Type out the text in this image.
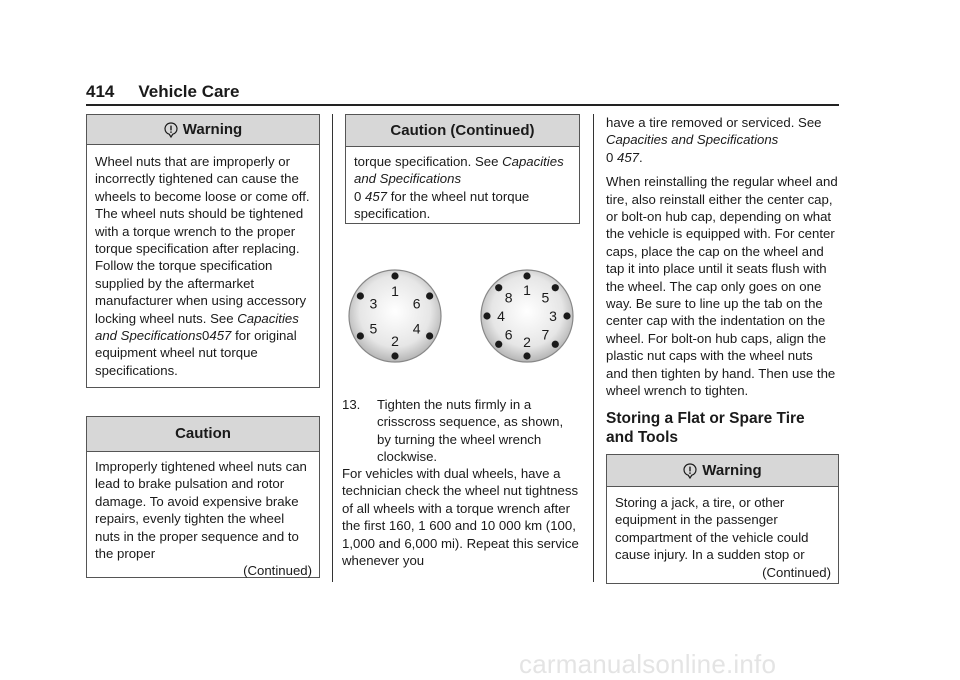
414 Vehicle Care
Warning
Wheel nuts that are improperly or incorrectly tightened can cause the wheels to become loose or come off. The wheel nuts should be tightened with a torque wrench to the proper torque specification after replacing. Follow the torque specification supplied by the aftermarket manufacturer when using accessory locking wheel nuts. See Capacities and Specifications0457 for original equipment wheel nut torque specifications.
Caution
Improperly tightened wheel nuts can lead to brake pulsation and rotor damage. To avoid expensive brake repairs, evenly tighten the wheel nuts in the proper sequence and to the proper
(Continued)
Caution (Continued)
torque specification. See Capacities and Specifications
0 457 for the wheel nut torque specification.
1
6
4
2
5
3
1 5
3
7
2
6
4
8
13. Tighten the nuts firmly in a crisscross sequence, as shown, by turning the wheel wrench clockwise.
For vehicles with dual wheels, have a technician check the wheel nut tightness of all wheels with a torque wrench after the first 160, 1 600 and 10 000 km (100, 1,000 and 6,000 mi). Repeat this service whenever you

have a tire removed or serviced. See Capacities and Specifications
0 457.

When reinstalling the regular wheel and tire, also reinstall either the center cap, or bolt-on hub cap, depending on what the vehicle is equipped with. For center caps, place the cap on the wheel and tap it into place until it seats flush with the wheel. The cap only goes on one way. Be sure to line up the tab on the center cap with the indentation on the wheel. For bolt-on hub caps, align the plastic nut caps with the wheel nuts and then tighten by hand. Then use the wheel wrench to tighten.

Storing a Flat or Spare Tire and Tools
Warning
Storing a jack, a tire, or other equipment in the passenger compartment of the vehicle could cause injury. In a sudden stop or
(Continued)
carmanualsonline.info
